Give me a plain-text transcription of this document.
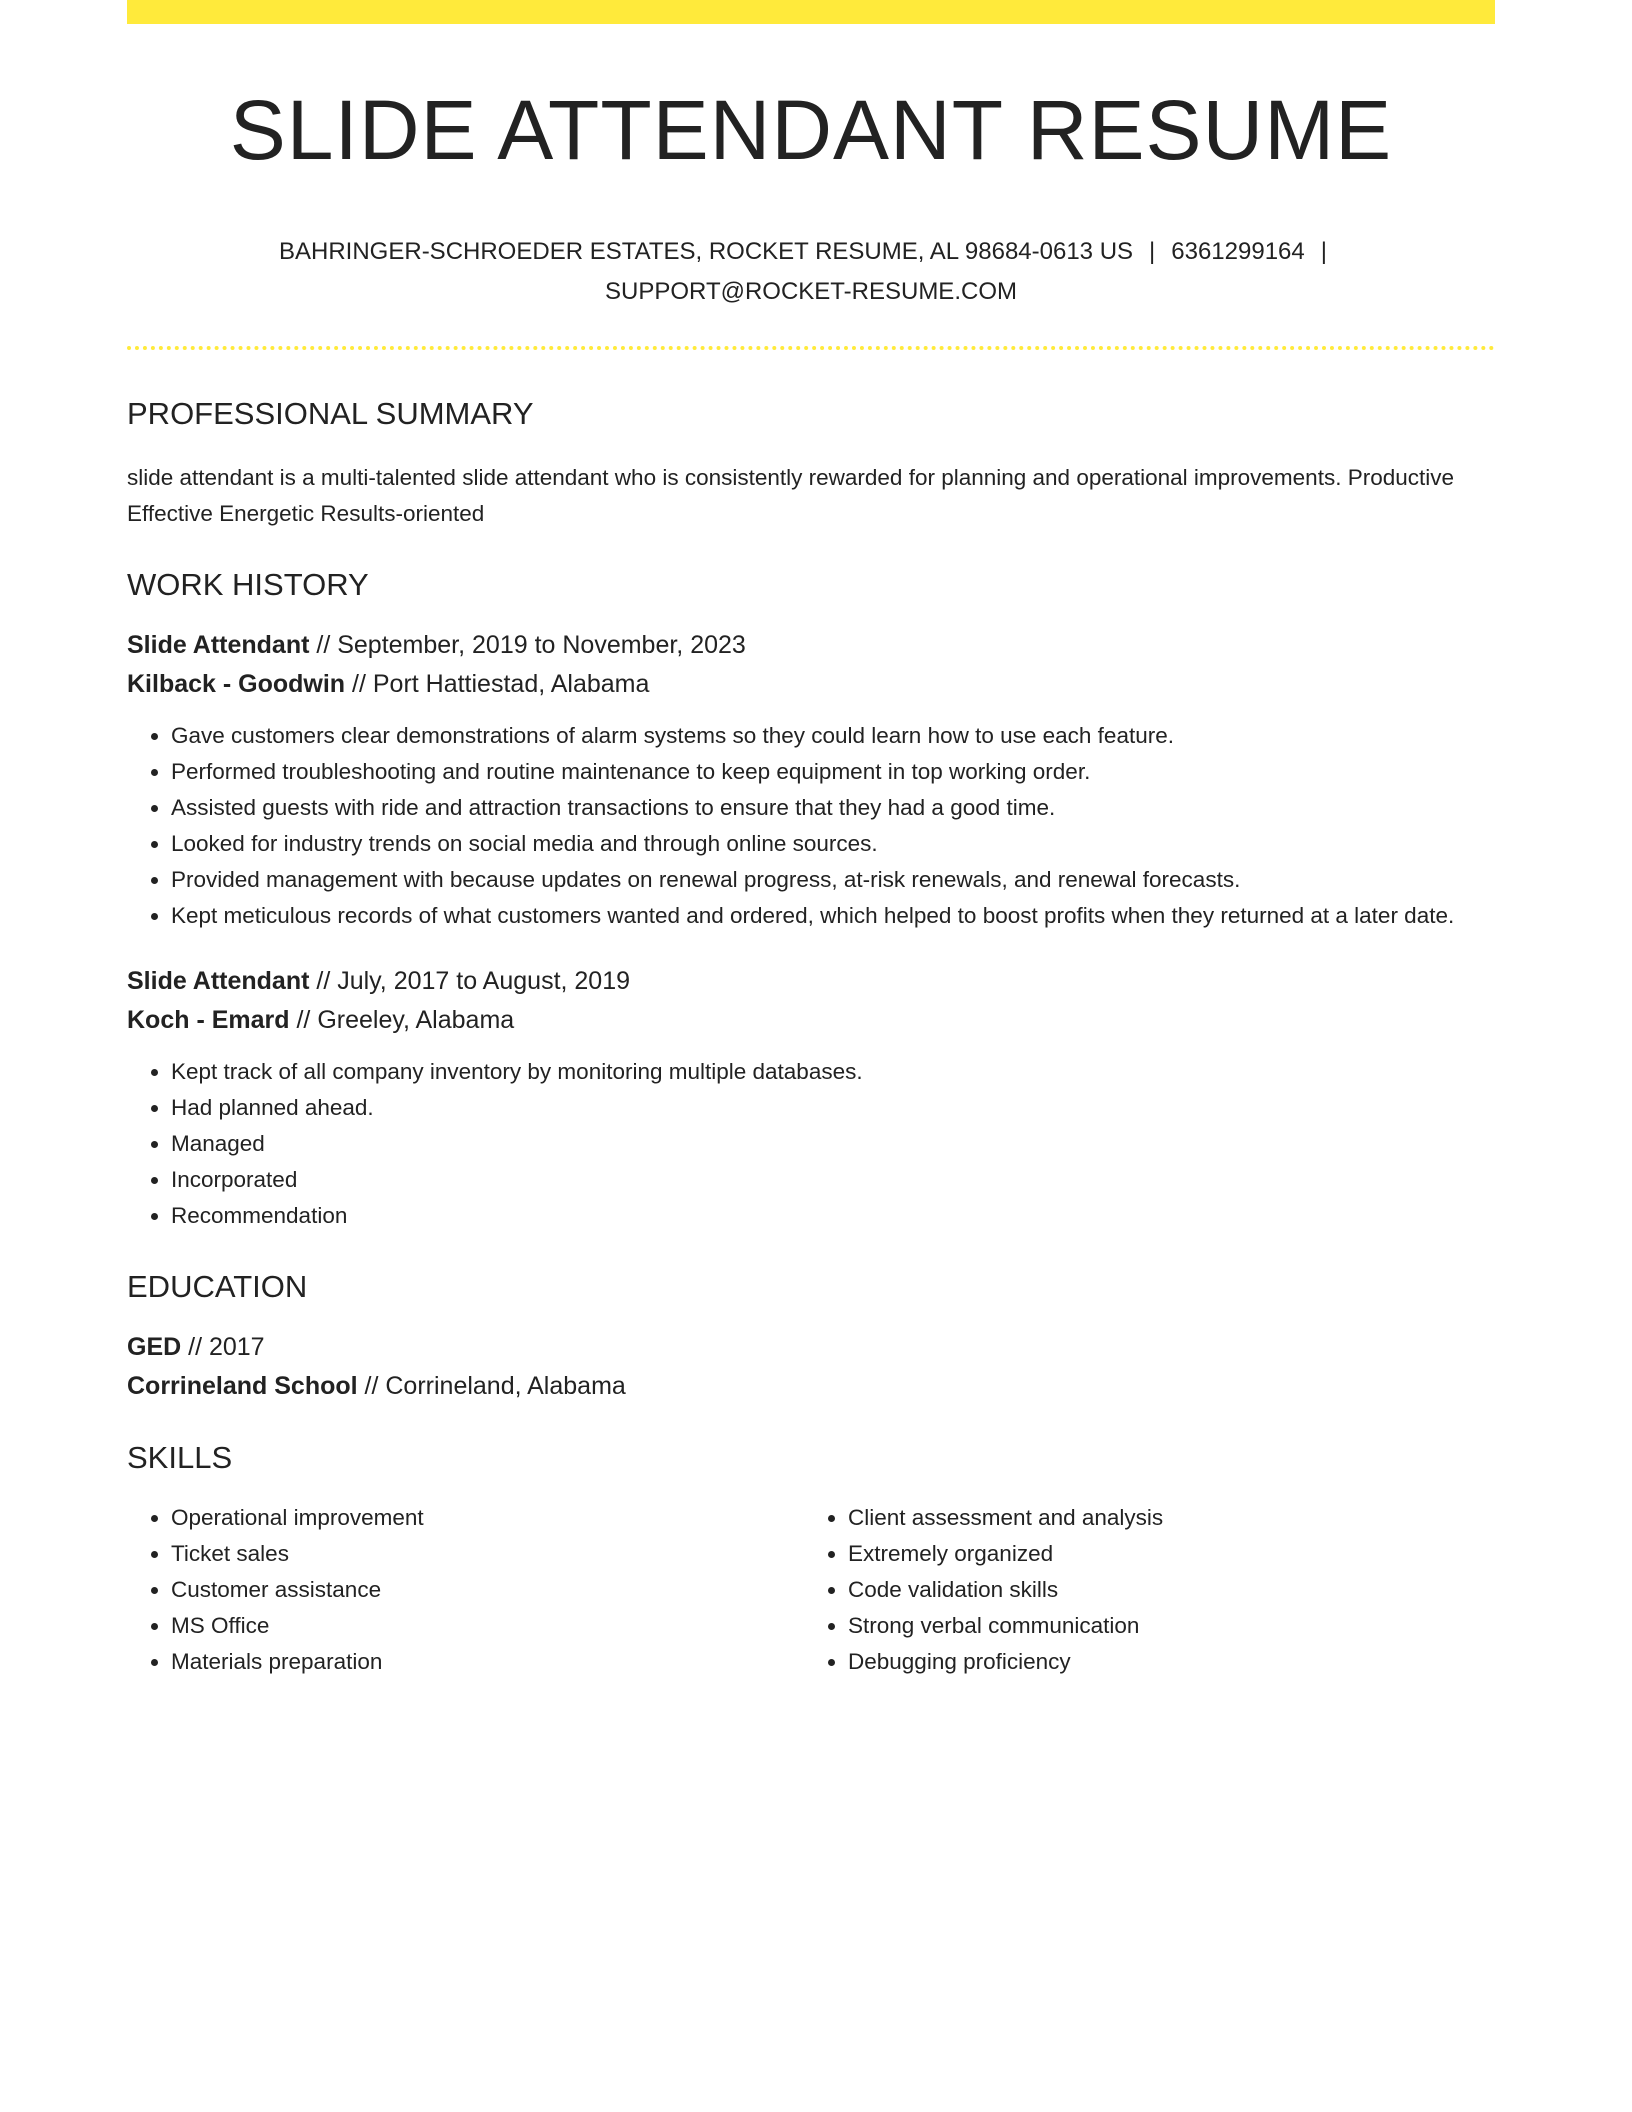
SLIDE ATTENDANT RESUME
BAHRINGER-SCHROEDER ESTATES, ROCKET RESUME, AL 98684-0613 US | 6361299164 |
SUPPORT@ROCKET-RESUME.COM
PROFESSIONAL SUMMARY
slide attendant is a multi-talented slide attendant who is consistently rewarded for planning and operational improvements. Productive Effective Energetic Results-oriented
WORK HISTORY
Slide Attendant // September, 2019 to November, 2023
Kilback - Goodwin // Port Hattiestad, Alabama
• Gave customers clear demonstrations of alarm systems so they could learn how to use each feature.
• Performed troubleshooting and routine maintenance to keep equipment in top working order.
• Assisted guests with ride and attraction transactions to ensure that they had a good time.
• Looked for industry trends on social media and through online sources.
• Provided management with because updates on renewal progress, at-risk renewals, and renewal forecasts.
• Kept meticulous records of what customers wanted and ordered, which helped to boost profits when they returned at a later date.
Slide Attendant // July, 2017 to August, 2019
Koch - Emard // Greeley, Alabama
• Kept track of all company inventory by monitoring multiple databases.
• Had planned ahead.
• Managed
• Incorporated
• Recommendation
EDUCATION
GED // 2017
Corrineland School // Corrineland, Alabama
SKILLS
• Operational improvement
• Ticket sales
• Customer assistance
• MS Office
• Materials preparation
• Client assessment and analysis
• Extremely organized
• Code validation skills
• Strong verbal communication
• Debugging proficiency
